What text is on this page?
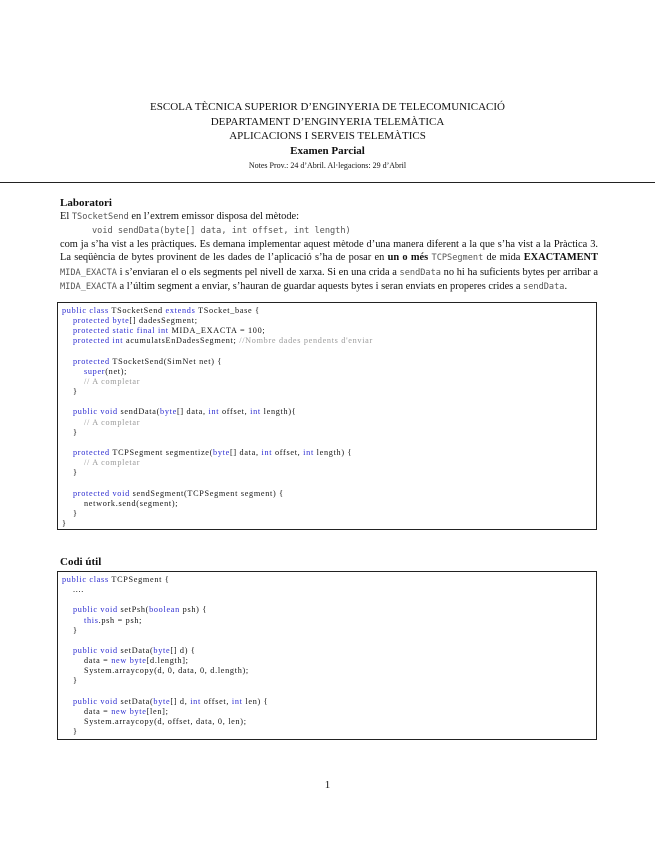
ESCOLA TÈCNICA SUPERIOR D’ENGINYERIA DE TELECOMUNICACIÓ
DEPARTAMENT D’ENGINYERIA TELEMÀTICA
APLICACIONS I SERVEIS TELEMÀTICS
Examen Parcial
Notes Prov.: 24 d’Abril. Al·legacions: 29 d’Abril
Laboratori
El TSocketSend en l’extrem emissor disposa del mètode:
void sendData(byte[] data, int offset, int length)
com ja s’ha vist a les pràctiques. Es demana implementar aquest mètode d’una manera diferent a la que s’ha vist a la Pràctica 3. La seqüència de bytes provinent de les dades de l’aplicació s’ha de posar en un o més TCPSegment de mida EXACTAMENT MIDA_EXACTA i s’enviaran el o els segments pel nivell de xarxa. Si en una crida a sendData no hi ha suficients bytes per arribar a MIDA_EXACTA a l’últim segment a enviar, s’hauran de guardar aquests bytes i seran enviats en properes crides a sendData.
public class TSocketSend extends TSocket_base {
protected byte[] dadesSegment;
protected static final int MIDA_EXACTA = 100;
protected int acumulatsEnDadesSegment; //Nombre dades pendents d'enviar
protected TSocketSend(SimNet net) {
super(net);
// A completar
}
public void sendData(byte[] data, int offset, int length){
// A completar
}
protected TCPSegment segmentize(byte[] data, int offset, int length) {
// A completar
}
protected void sendSegment(TCPSegment segment) {
network.send(segment);
}
}
Codi útil
public class TCPSegment {
....
public void setPsh(boolean psh) {
this.psh = psh;
}
public void setData(byte[] d) {
data = new byte[d.length];
System.arraycopy(d, 0, data, 0, d.length);
}
public void setData(byte[] d, int offset, int len) {
data = new byte[len];
System.arraycopy(d, offset, data, 0, len);
}
1
